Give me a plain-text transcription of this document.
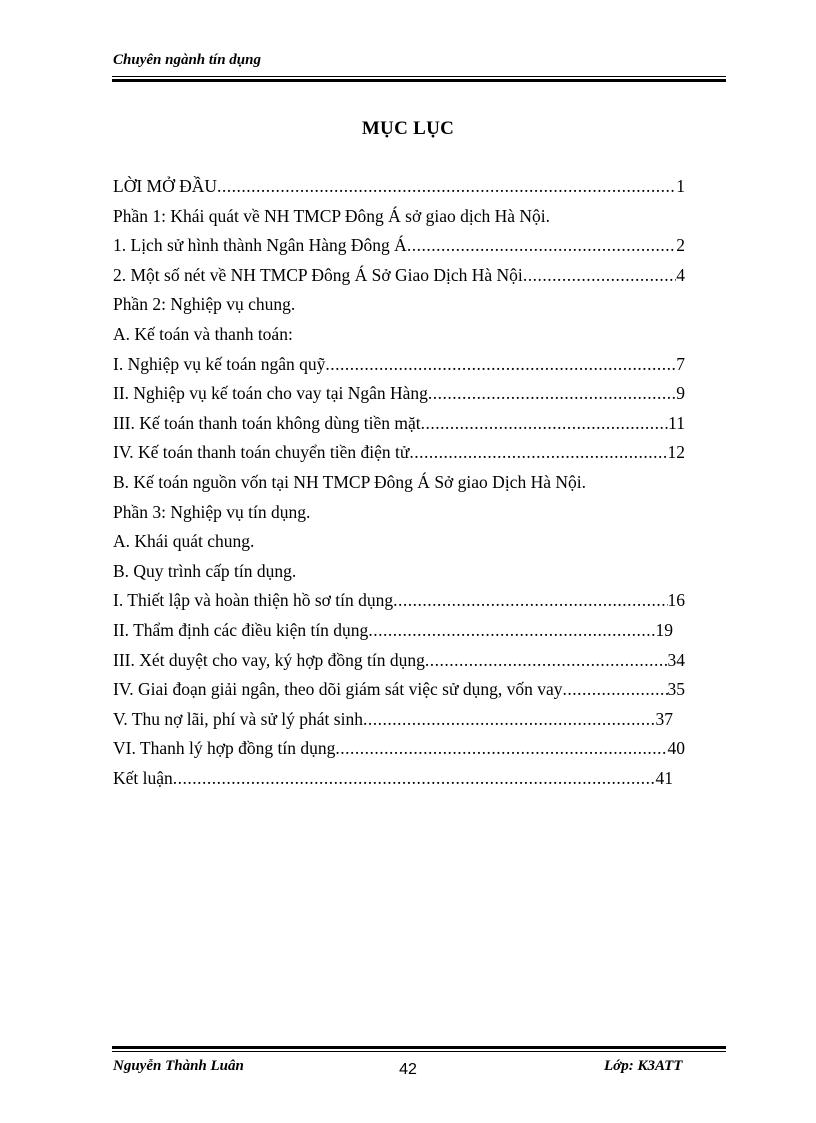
Chuyên ngành tín dụng
MỤC LỤC
LỜI MỞ ĐẦU .....	1
Phần 1: Khái quát về NH TMCP Đông Á sở giao dịch Hà Nội.
1. Lịch sử hình thành Ngân Hàng Đông Á .....	2
2. Một số nét về NH TMCP Đông Á Sở Giao Dịch Hà Nội .....	4
Phần 2: Nghiệp vụ chung.
A. Kế toán và thanh toán:
I. Nghiệp vụ kế toán ngân quỹ .....	7
II. Nghiệp vụ kế toán cho vay tại Ngân Hàng .....	9
III. Kế toán thanh toán không dùng tiền mặt .....	11
IV. Kế toán thanh toán chuyển tiền điện tử .....	12
B. Kế toán nguồn vốn tại NH TMCP Đông Á Sở giao Dịch Hà Nội.
Phần 3: Nghiệp vụ tín dụng.
A. Khái quát chung.
B. Quy trình cấp tín dụng.
I. Thiết lập và hoàn thiện hồ sơ tín dụng .....	16
II. Thẩm định các điều kiện tín dụng .....	19
III. Xét duyệt cho vay, ký hợp đồng tín dụng .....	34
IV. Giai đoạn giải ngân, theo dõi giám sát việc sử dụng, vốn vay .....	35
V. Thu nợ lãi, phí và sử lý phát sinh .....	37
VI. Thanh lý hợp đồng tín dụng .....	40
Kết luận .....	41
Nguyễn Thành Luân	42	Lớp: K3ATT
